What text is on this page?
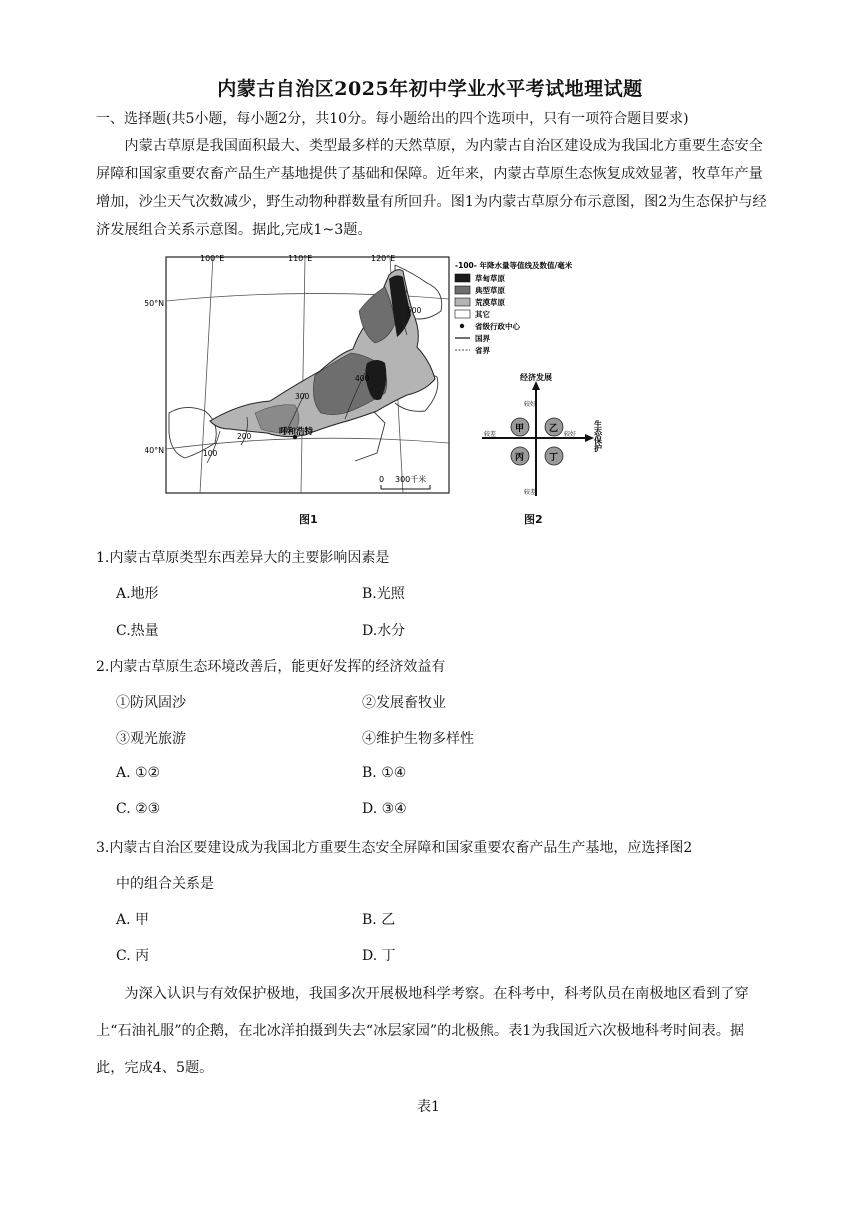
内蒙古自治区2025年初中学业水平考试地理试题
一、选择题(共5小题，每小题2分，共10分。每小题给出的四个选项中，只有一项符合题目要求)

内蒙古草原是我国面积最大、类型最多样的天然草原，为内蒙古自治区建设成为我国北方重要生态安全屏障和国家重要农畜产品生产基地提供了基础和保障。近年来，内蒙古草原生态恢复成效显著，牧草年产量增加，沙尘天气次数减少，野生动物种群数量有所回升。图1为内蒙古草原分布示意图，图2为生态保护与经济发展组合关系示意图。据此,完成1~3题。

100°E	110°E	120°E
50°N
40°N
呼和浩特
100
200
300
400
500
0 300千米
-100- 年降水量等值线及数值/毫米
草甸草原
典型草原
荒漠草原
其它
省级行政中心
国界
省界
图1
经济发展
较好
较差
较差	较好 生态保护
甲	乙
丙	丁
图2
1.内蒙古草原类型东西差异大的主要影响因素是
A.地形	B.光照
C.热量	D.水分
2.内蒙古草原生态环境改善后，能更好发挥的经济效益有
①防风固沙	②发展畜牧业
③观光旅游	④维护生物多样性
A. ①②	B. ①④
C. ②③	D. ③④
3.内蒙古自治区要建设成为我国北方重要生态安全屏障和国家重要农畜产品生产基地，应选择图2
中的组合关系是
A. 甲	B. 乙
C. 丙	D. 丁

为深入认识与有效保护极地，我国多次开展极地科学考察。在科考中，科考队员在南极地区看到了穿上“石油礼服”的企鹅，在北冰洋拍摄到失去“冰层家园”的北极熊。表1为我国近六次极地科考时间表。据此，完成4、5题。

表1
